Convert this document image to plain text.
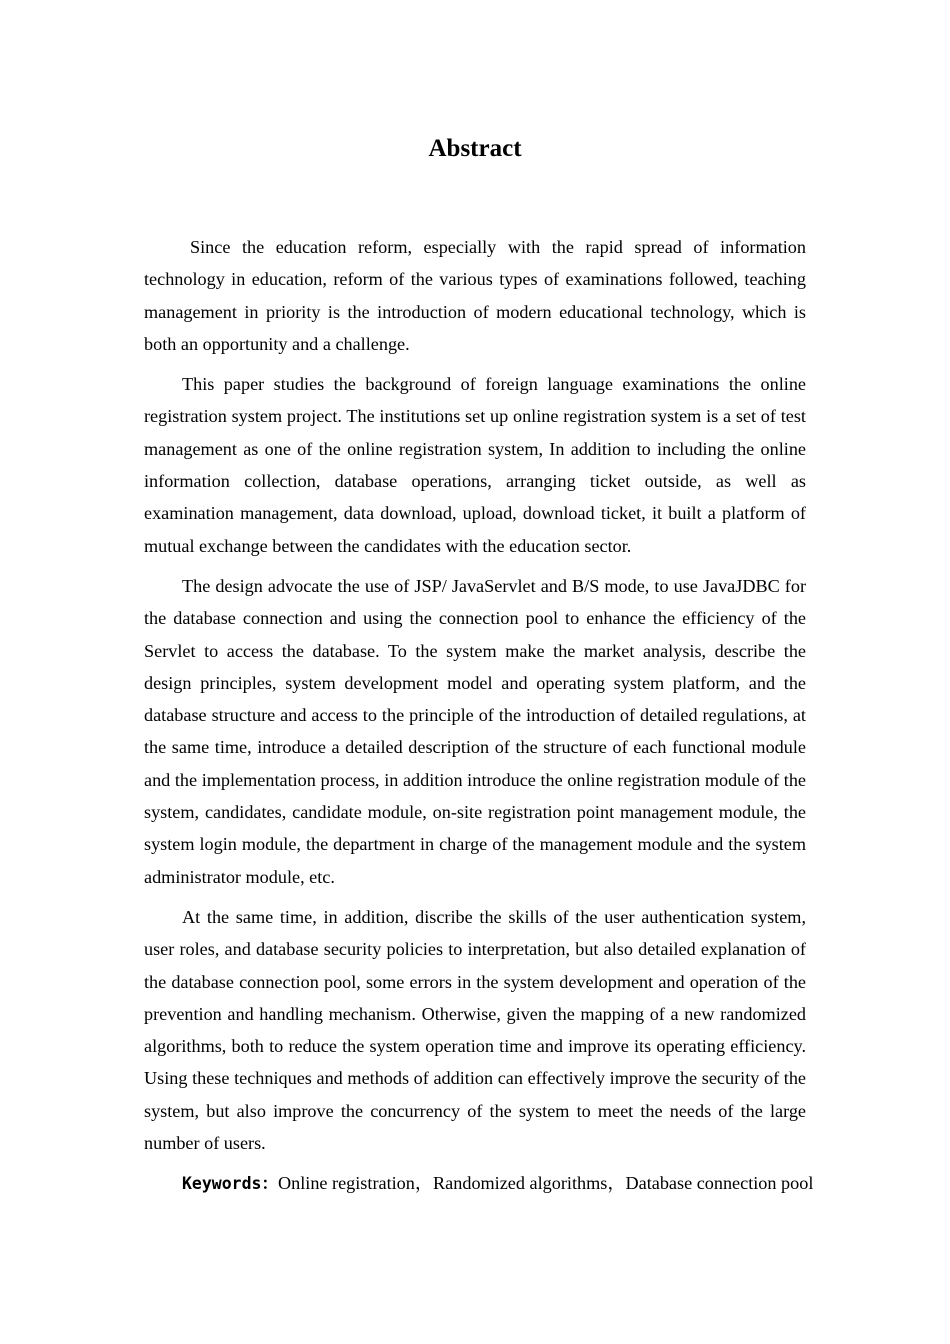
Abstract

Since the education reform, especially with the rapid spread of information technology in education, reform of the various types of examinations followed, teaching management in priority is the introduction of modern educational technology, which is both an opportunity and a challenge.

This paper studies the background of foreign language examinations the online registration system project. The institutions set up online registration system is a set of test management as one of the online registration system, In addition to including the online information collection, database operations, arranging ticket outside, as well as examination management, data download, upload, download ticket, it built a platform of mutual exchange between the candidates with the education sector.

The design advocate the use of JSP/ JavaServlet and B/S mode, to use JavaJDBC for the database connection and using the connection pool to enhance the efficiency of the Servlet to access the database. To the system make the market analysis, describe the design principles, system development model and operating system platform, and the database structure and access to the principle of the introduction of detailed regulations, at the same time, introduce a detailed description of the structure of each functional module and the implementation process, in addition introduce the online registration module of the system, candidates, candidate module, on-site registration point management module, the system login module, the department in charge of the management module and the system administrator module, etc.

At the same time, in addition, discribe the skills of the user authentication system, user roles, and database security policies to interpretation, but also detailed explanation of the database connection pool, some errors in the system development and operation of the prevention and handling mechanism. Otherwise, given the mapping of a new randomized algorithms, both to reduce the system operation time and improve its operating efficiency. Using these techniques and methods of addition can effectively improve the security of the system, but also improve the concurrency of the system to meet the needs of the large number of users.

Keywords：Online registration，Randomized algorithms，Database connection pool
